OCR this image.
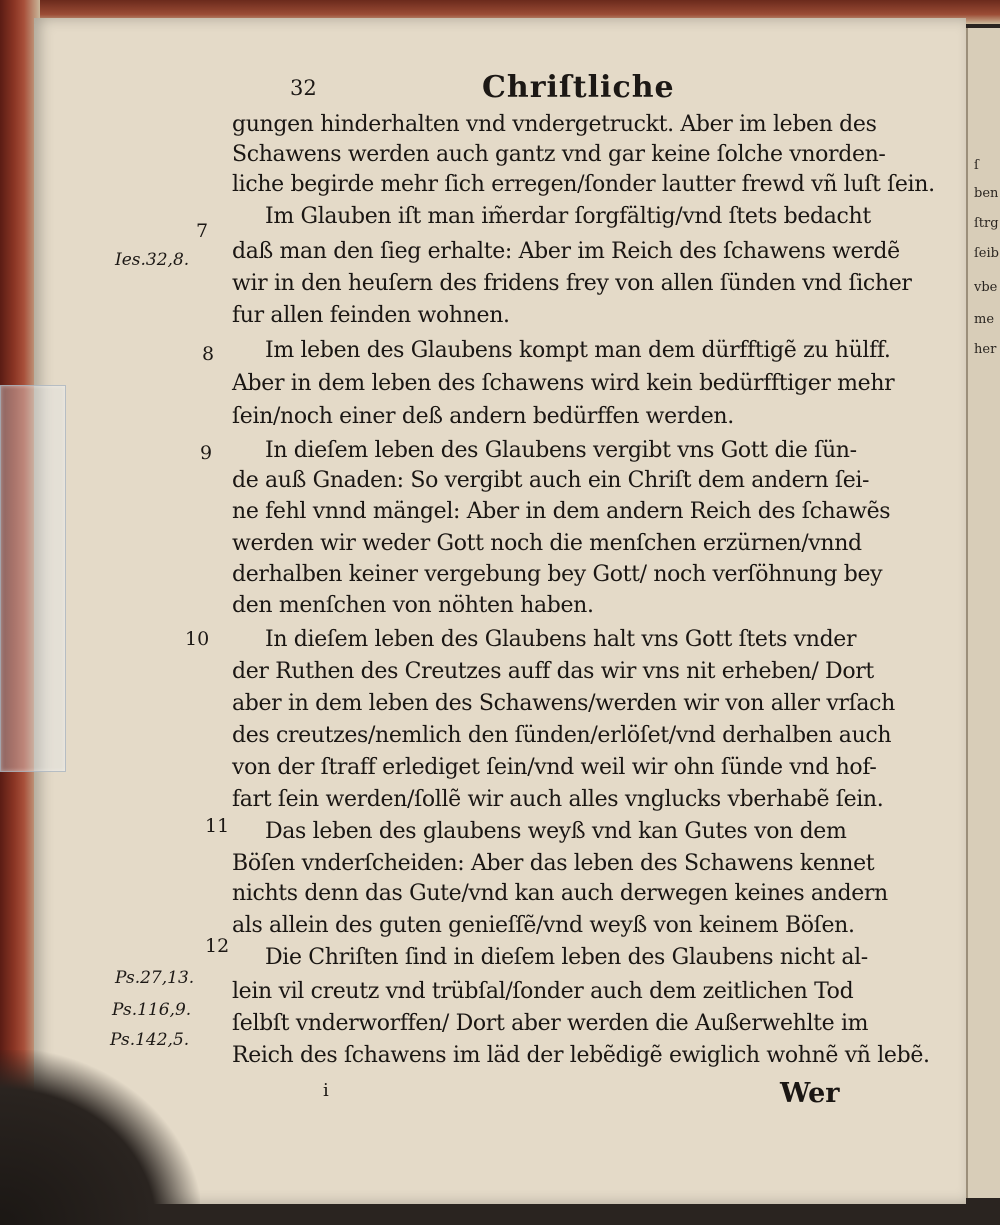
ſ
ben
ſtrg
ſeib
vbe
me
her
32	Chriſtliche
gungen hinderhalten vnd vndergetruckt. Aber im leben des
Schawens werden auch gantz vnd gar keine ſolche vnorden-
liche begirde mehr ſich erregen/ſonder lautter frewd vñ luſt ſein.
Im Glauben iſt man im̃erdar ſorgfältig/vnd ſtets bedacht
daß man den ſieg erhalte: Aber im Reich des ſchawens werdẽ
wir in den heuſern des fridens frey von allen ſünden vnd ſicher
fur allen feinden wohnen.
Im leben des Glaubens kompt man dem dürfftigẽ zu hülff.
Aber in dem leben des ſchawens wird kein bedürfftiger mehr
ſein/noch einer deß andern bedürffen werden.
In dieſem leben des Glaubens vergibt vns Gott die ſün-
de auß Gnaden: So vergibt auch ein Chriſt dem andern ſei-
ne fehl vnnd mängel: Aber in dem andern Reich des ſchawẽs
werden wir weder Gott noch die menſchen erzürnen/vnnd
derhalben keiner vergebung bey Gott/ noch verſöhnung bey
den menſchen von nöhten haben.
In dieſem leben des Glaubens halt vns Gott ſtets vnder
der Ruthen des Creutzes auff das wir vns nit erheben/ Dort
aber in dem leben des Schawens/werden wir von aller vrſach
des creutzes/nemlich den ſünden/erlöſet/vnd derhalben auch
von der ſtraff erlediget ſein/vnd weil wir ohn ſünde vnd hof-
fart ſein werden/ſollẽ wir auch alles vnglucks vberhabẽ ſein.
Das leben des glaubens weyß vnd kan Gutes von dem
Böſen vnderſcheiden: Aber das leben des Schawens kennet
nichts denn das Gute/vnd kan auch derwegen keines andern
als allein des guten genieſſẽ/vnd weyß von keinem Böſen.
Die Chriſten ſind in dieſem leben des Glaubens nicht al-
lein vil creutz vnd trübſal/ſonder auch dem zeitlichen Tod
ſelbſt vnderworffen/ Dort aber werden die Außerwehlte im
Reich des ſchawens im läd der lebẽdigẽ ewiglich wohnẽ vñ lebẽ.
7
8
9
10
11
12
Ies.32,8.
Ps.27,13.
Ps.116,9.
Ps.142,5.
i	Wer
